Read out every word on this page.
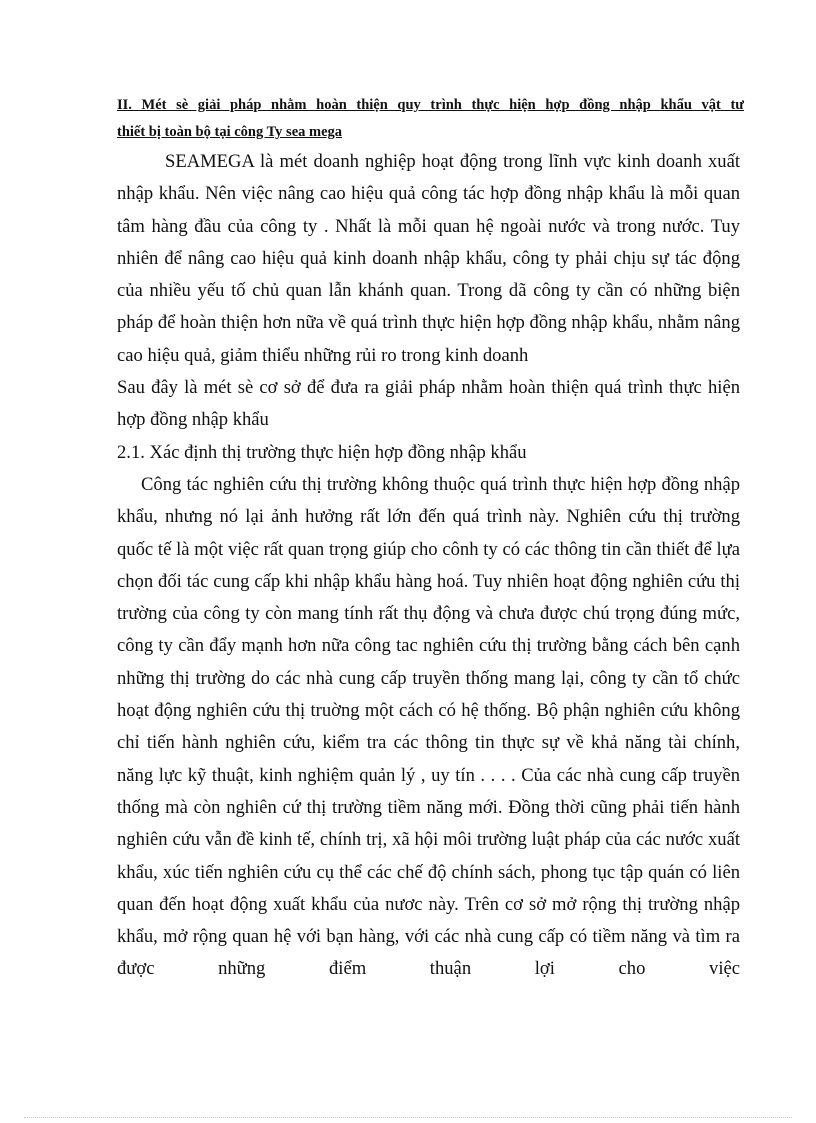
II. Mét sè giải pháp nhằm hoàn thiện quy trình thực hiện hợp đồng nhập khẩu vật tư

thiết bị toàn bộ tại công Ty sea mega

SEAMEGA là mét doanh nghiệp hoạt động trong lĩnh vực kinh doanh xuất nhập khẩu. Nên việc nâng cao hiệu quả công tác hợp đồng nhập khẩu là mỗi quan tâm hàng đầu của công ty . Nhất là mỗi quan hệ ngoài nước và trong nước. Tuy nhiên để nâng cao hiệu quả kinh doanh nhập khẩu, công ty phải chịu sự tác động của nhiều yếu tố chủ quan lẫn khánh quan. Trong dã công ty cần có những biện pháp để hoàn thiện hơn nữa về quá trình thực hiện hợp đồng nhập khẩu, nhằm nâng cao hiệu quả, giảm thiểu những rủi ro trong kinh doanh

Sau đây là mét sè cơ sở để đưa ra giải pháp nhằm hoàn thiện quá trình thực hiện hợp đồng nhập khẩu

2.1. Xác định thị trường thực hiện hợp đồng nhập khẩu

Công tác nghiên cứu thị trường không thuộc quá trình thực hiện hợp đồng nhập khẩu, nhưng nó lại ảnh hưởng rất lớn đến quá trình này. Nghiên cứu thị trường quốc tế là một việc rất quan trọng giúp cho cônh ty có các thông tin cần thiết để lựa chọn đối tác cung cấp khi nhập khẩu hàng hoá. Tuy nhiên hoạt động nghiên cứu thị trường của công ty còn mang tính rất thụ động và chưa được chú trọng đúng mức, công ty cần đẩy mạnh hơn nữa công tac nghiên cứu thị trường bằng cách bên cạnh những thị trường do các nhà cung cấp truyền thống mang lại, công ty cần tổ chức hoạt động nghiên cứu thị truờng một cách có hệ thống. Bộ phận nghiên cứu không chỉ tiến hành nghiên cứu, kiểm tra các thông tin thực sự về khả năng tài chính, năng lực kỹ thuật, kinh nghiệm quản lý , uy tín . . . . Của các nhà cung cấp truyền thống mà còn nghiên cứ thị trường tiềm năng mới. Đồng thời cũng phải tiến hành nghiên cứu vẫn đề kinh tế, chính trị, xã hội môi trường luật pháp của các nước xuất khẩu, xúc tiến nghiên cứu cụ thể các chế độ chính sách, phong tục tập quán có liên quan đến hoạt động xuất khẩu của nươc này. Trên cơ sở mở rộng thị trường nhập khẩu, mở rộng quan hệ với bạn hàng, với các nhà cung cấp có tiềm năng và tìm ra được những điểm thuận lợi cho việc
